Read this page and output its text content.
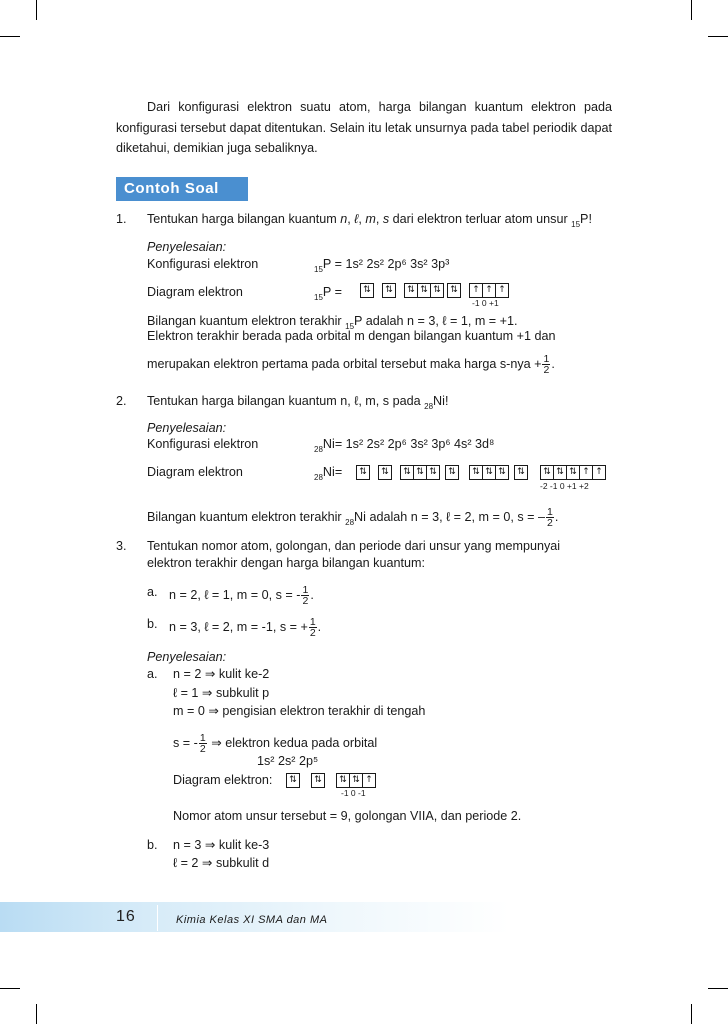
Dari konfigurasi elektron suatu atom, harga bilangan kuantum elektron pada konfigurasi tersebut dapat ditentukan. Selain itu letak unsurnya pada tabel periodik dapat diketahui, demikian juga sebaliknya.
Contoh Soal
1. Tentukan harga bilangan kuantum n, ℓ, m, s dari elektron terluar atom unsur $_{15}$P!
Penyelesaian:
Konfigurasi elektron	$_{15}$P = 1s² 2s² 2p⁶ 3s² 3p³
Diagram elektron	$_{15}$P =	⇅	⇅	⇅ ⇅ ⇅	⇅	↑ ↑ ↑
-1 0 +1
Bilangan kuantum elektron terakhir $_{15}$P adalah n = 3, ℓ = 1, m = +1.
Elektron terakhir berada pada orbital m dengan bilangan kuantum +1 dan
merupakan elektron pertama pada orbital tersebut maka harga $s-nya + \frac{1}{2}$ .
2. Tentukan harga bilangan kuantum n, ℓ, m, s pada $_{28}$Ni!
Penyelesaian:
Konfigurasi elektron	$_{28}$Ni= 1s² 2s² 2p⁶ 3s² 3p⁶ 4s² 3d⁸
Diagram elektron	$_{28}$Ni=	⇅	⇅	⇅ ⇅ ⇅	⇅	⇅ ⇅ ⇅	⇅	⇅ ⇅ ⇅ ↑ ↑
-2 -1 0 +1 +2
Bilangan kuantum elektron terakhir $_{28}$Ni adalah n = 3, ℓ = 2, m = 0, s = – $\frac{1}{2}$ .
3. Tentukan nomor atom, golongan, dan periode dari unsur yang mempunyai
elektron terakhir dengan harga bilangan kuantum:
a. n = 2, ℓ = 1, m = 0, s = - $\frac{1}{2}$ .
b. n = 3, ℓ = 2, m = -1, s = + $\frac{1}{2}$ .
Penyelesaian:
a. n = 2 ⇒ kulit ke-2
ℓ = 1 ⇒ subkulit p
m = 0 ⇒ pengisian elektron terakhir di tengah
s = - $\frac{1}{2}$ ⇒ elektron kedua pada orbital
1s² 2s² 2p⁵
Diagram elektron:	⇅	⇅	⇅ ⇅ ↑
-1 0 -1
Nomor atom unsur tersebut = 9, golongan VIIA, dan periode 2.
b. n = 3 ⇒ kulit ke-3
ℓ = 2 ⇒ subkulit d
16	Kimia Kelas XI SMA dan MA
